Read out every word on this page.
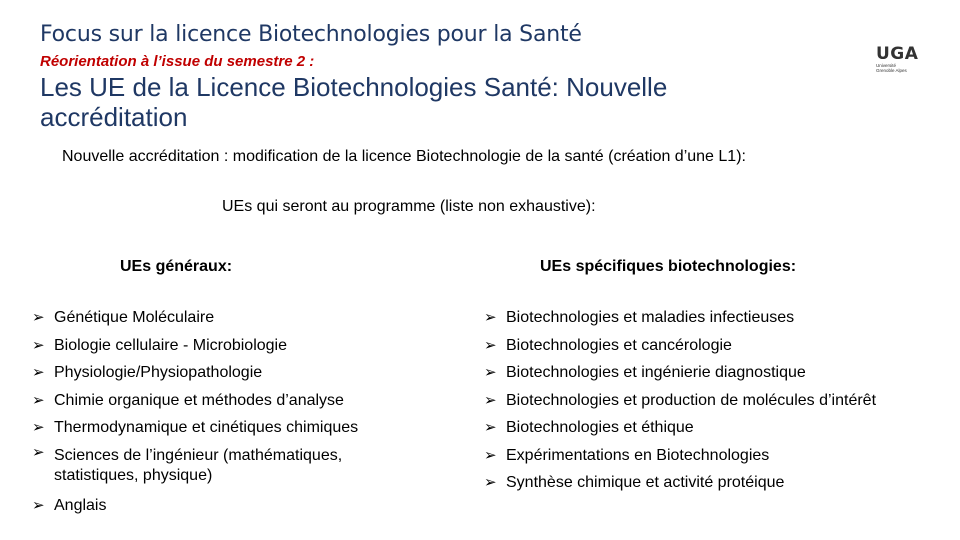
Focus sur la licence Biotechnologies pour la Santé
Réorientation à l’issue du semestre 2 :
Les UE de la Licence Biotechnologies Santé: Nouvelle accréditation
UGA
Université
Grenoble Alpes
Nouvelle accréditation : modification de la licence Biotechnologie de la santé (création d’une L1):
UEs qui seront au programme (liste non exhaustive):
UEs généraux:	UEs spécifiques biotechnologies:
➢ Génétique Moléculaire
➢ Biologie cellulaire - Microbiologie
➢ Physiologie/Physiopathologie
➢ Chimie organique et méthodes d’analyse
➢ Thermodynamique et cinétiques chimiques
➢ Sciences de l’ingénieur (mathématiques, statistiques, physique)
➢ Anglais
➢ Biotechnologies et maladies infectieuses
➢ Biotechnologies et cancérologie
➢ Biotechnologies et ingénierie diagnostique
➢ Biotechnologies et production de molécules d’intérêt
➢ Biotechnologies et éthique
➢ Expérimentations en Biotechnologies
➢ Synthèse chimique et activité protéique
